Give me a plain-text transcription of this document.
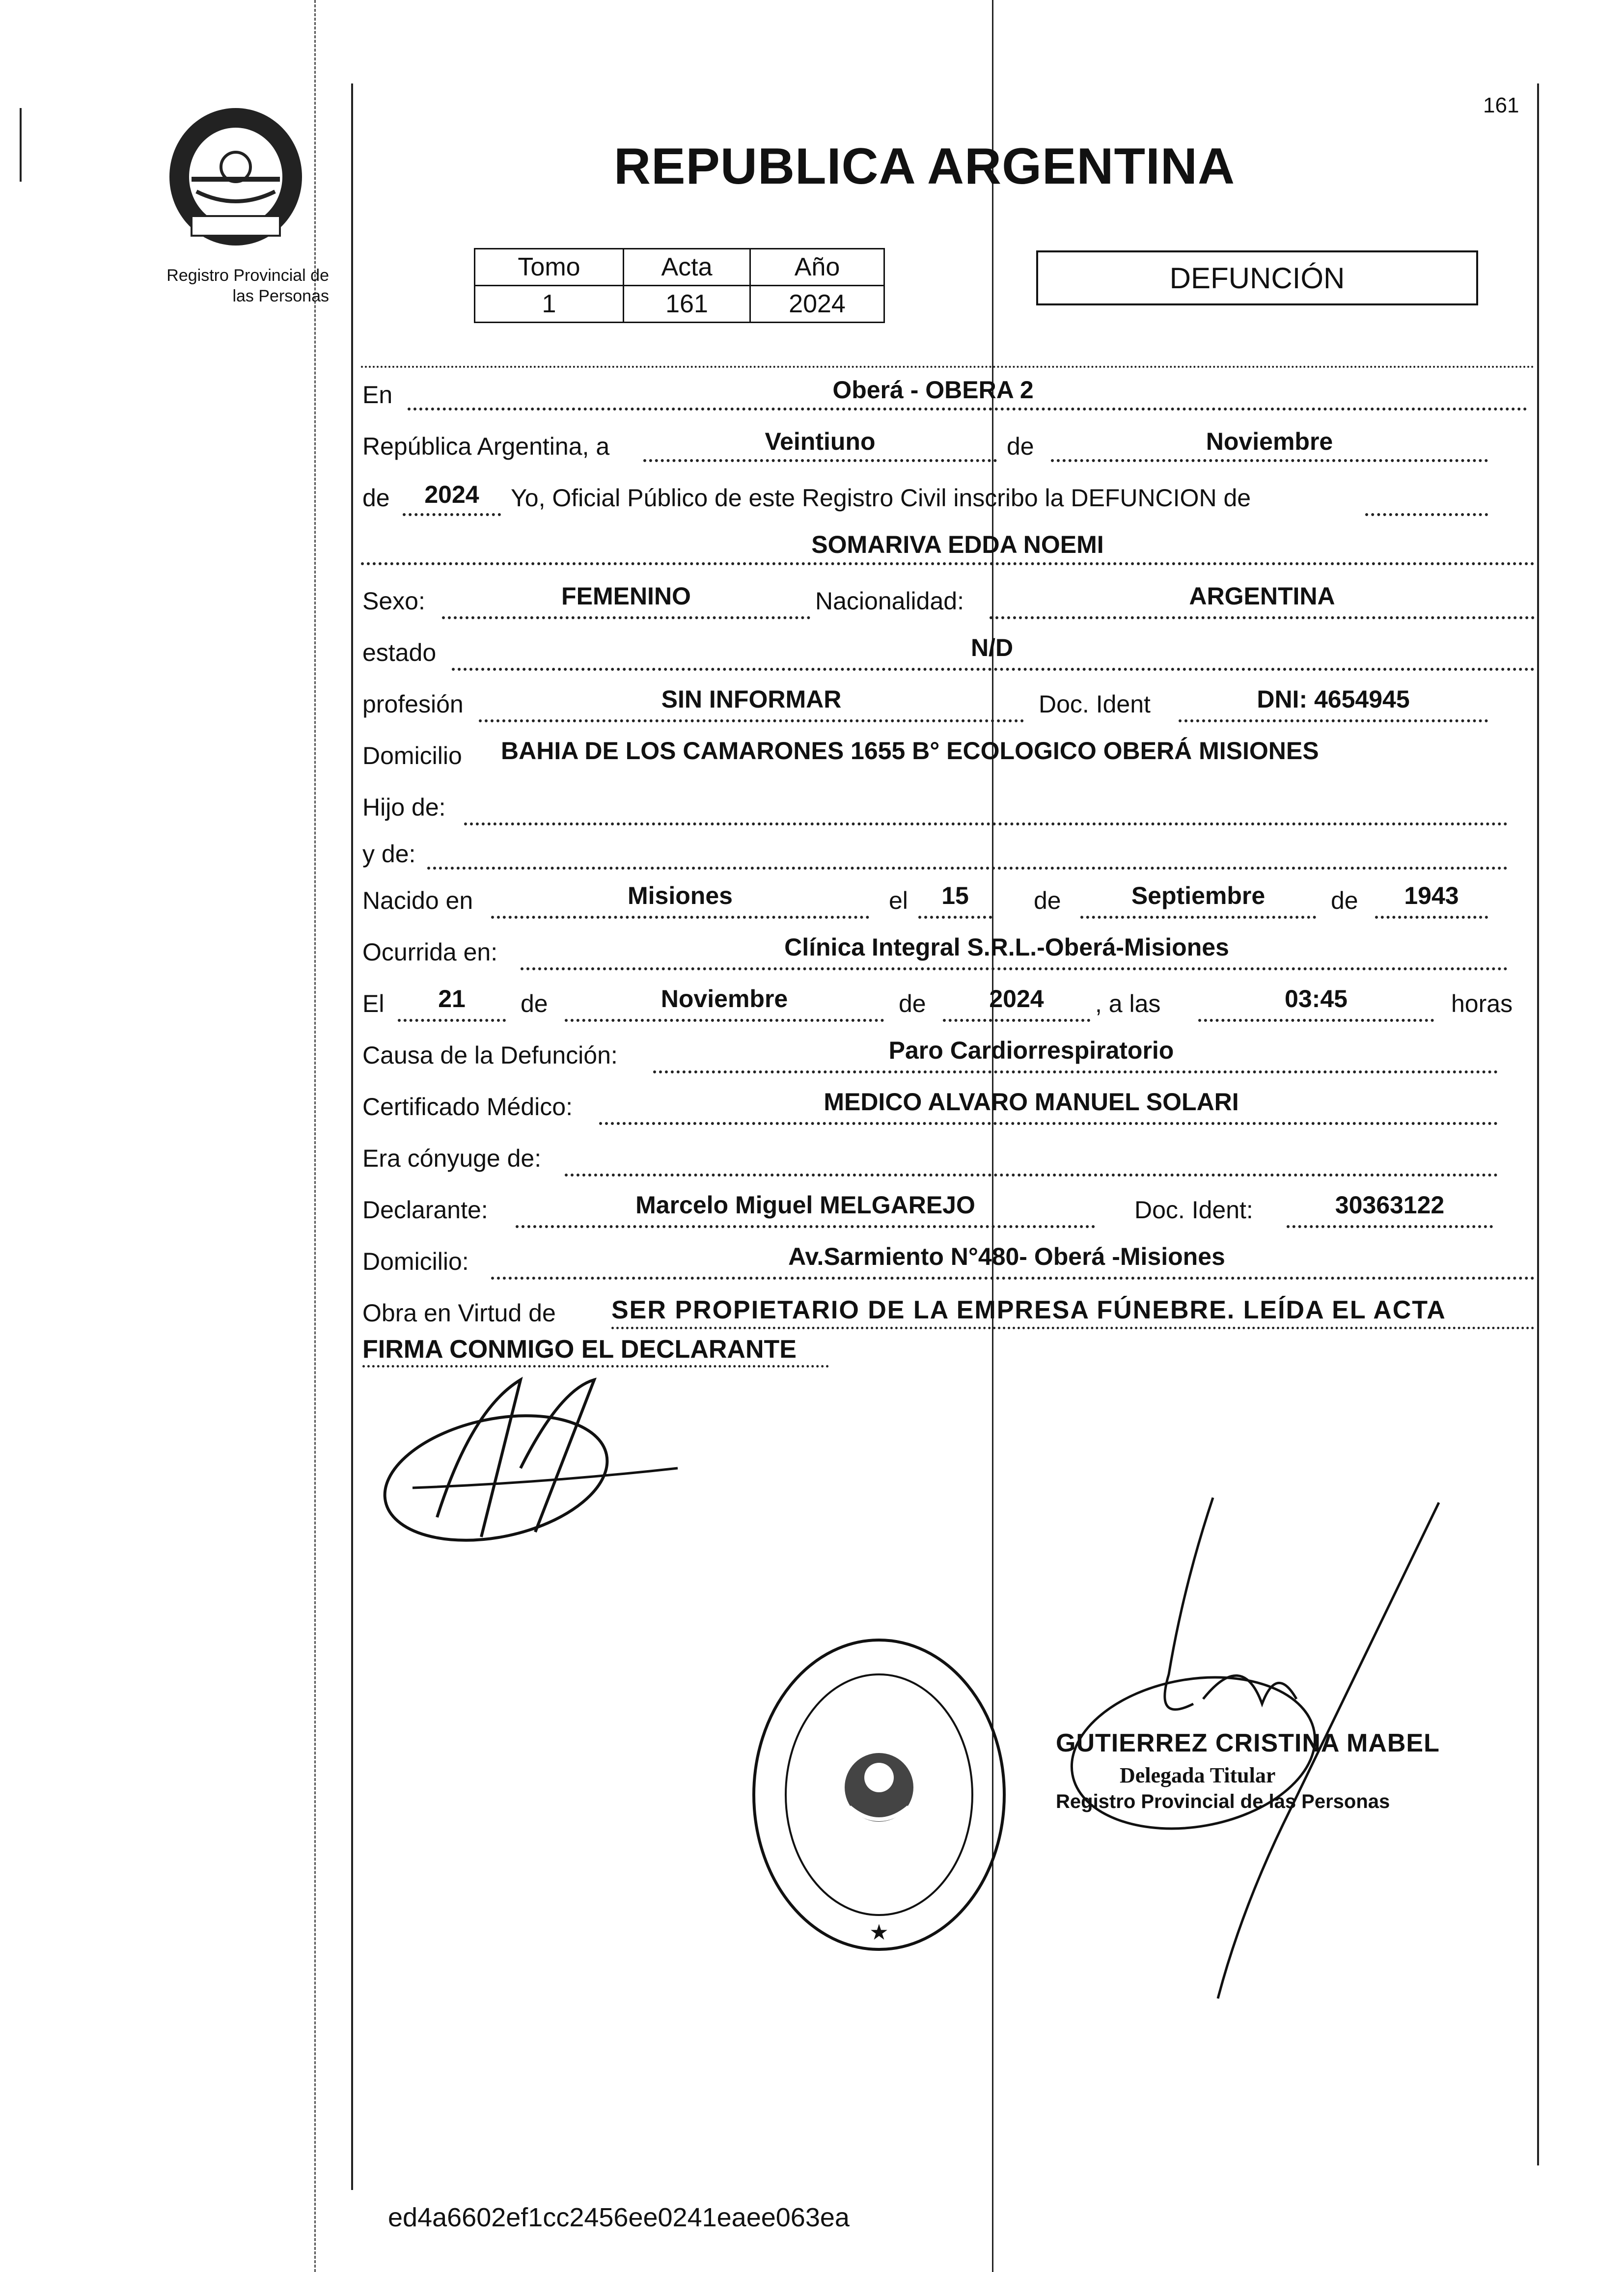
Registro Provincial de
las Personas
161
REPUBLICA ARGENTINA
Tomo	Acta	Año
1	161	2024
DEFUNCIÓN
En	Oberá - OBERA 2
República Argentina, a	Veintiuno	de	Noviembre
de	2024	Yo, Oficial Público de este Registro Civil inscribo la DEFUNCION de
SOMARIVA EDDA NOEMI
Sexo:	FEMENINO	Nacionalidad:	ARGENTINA
estado	N/D
profesión	SIN INFORMAR	Doc. Ident	DNI: 4654945
Domicilio BAHIA DE LOS CAMARONES 1655 B° ECOLOGICO OBERÁ MISIONES
Hijo de:
y de:
Nacido en	Misiones	el	15	de	Septiembre	de	1943
Ocurrida en:	Clínica Integral S.R.L.-Oberá-Misiones
El	21	de	Noviembre	de	2024	, a las	03:45	horas
Causa de la Defunción:	Paro Cardiorrespiratorio
Certificado Médico:	MEDICO ALVARO MANUEL SOLARI
Era cónyuge de:
Declarante:	Marcelo Miguel MELGAREJO	Doc. Ident:	30363122
Domicilio:	Av.Sarmiento N°480- Oberá -Misiones
Obra en Virtud de SER PROPIETARIO DE LA EMPRESA FÚNEBRE. LEÍDA EL ACTA
FIRMA CONMIGO EL DECLARANTE
★
GUTIERREZ CRISTINA MABEL
Delegada Titular
Registro Provincial de las Personas
ed4a6602ef1cc2456ee0241eaee063ea
